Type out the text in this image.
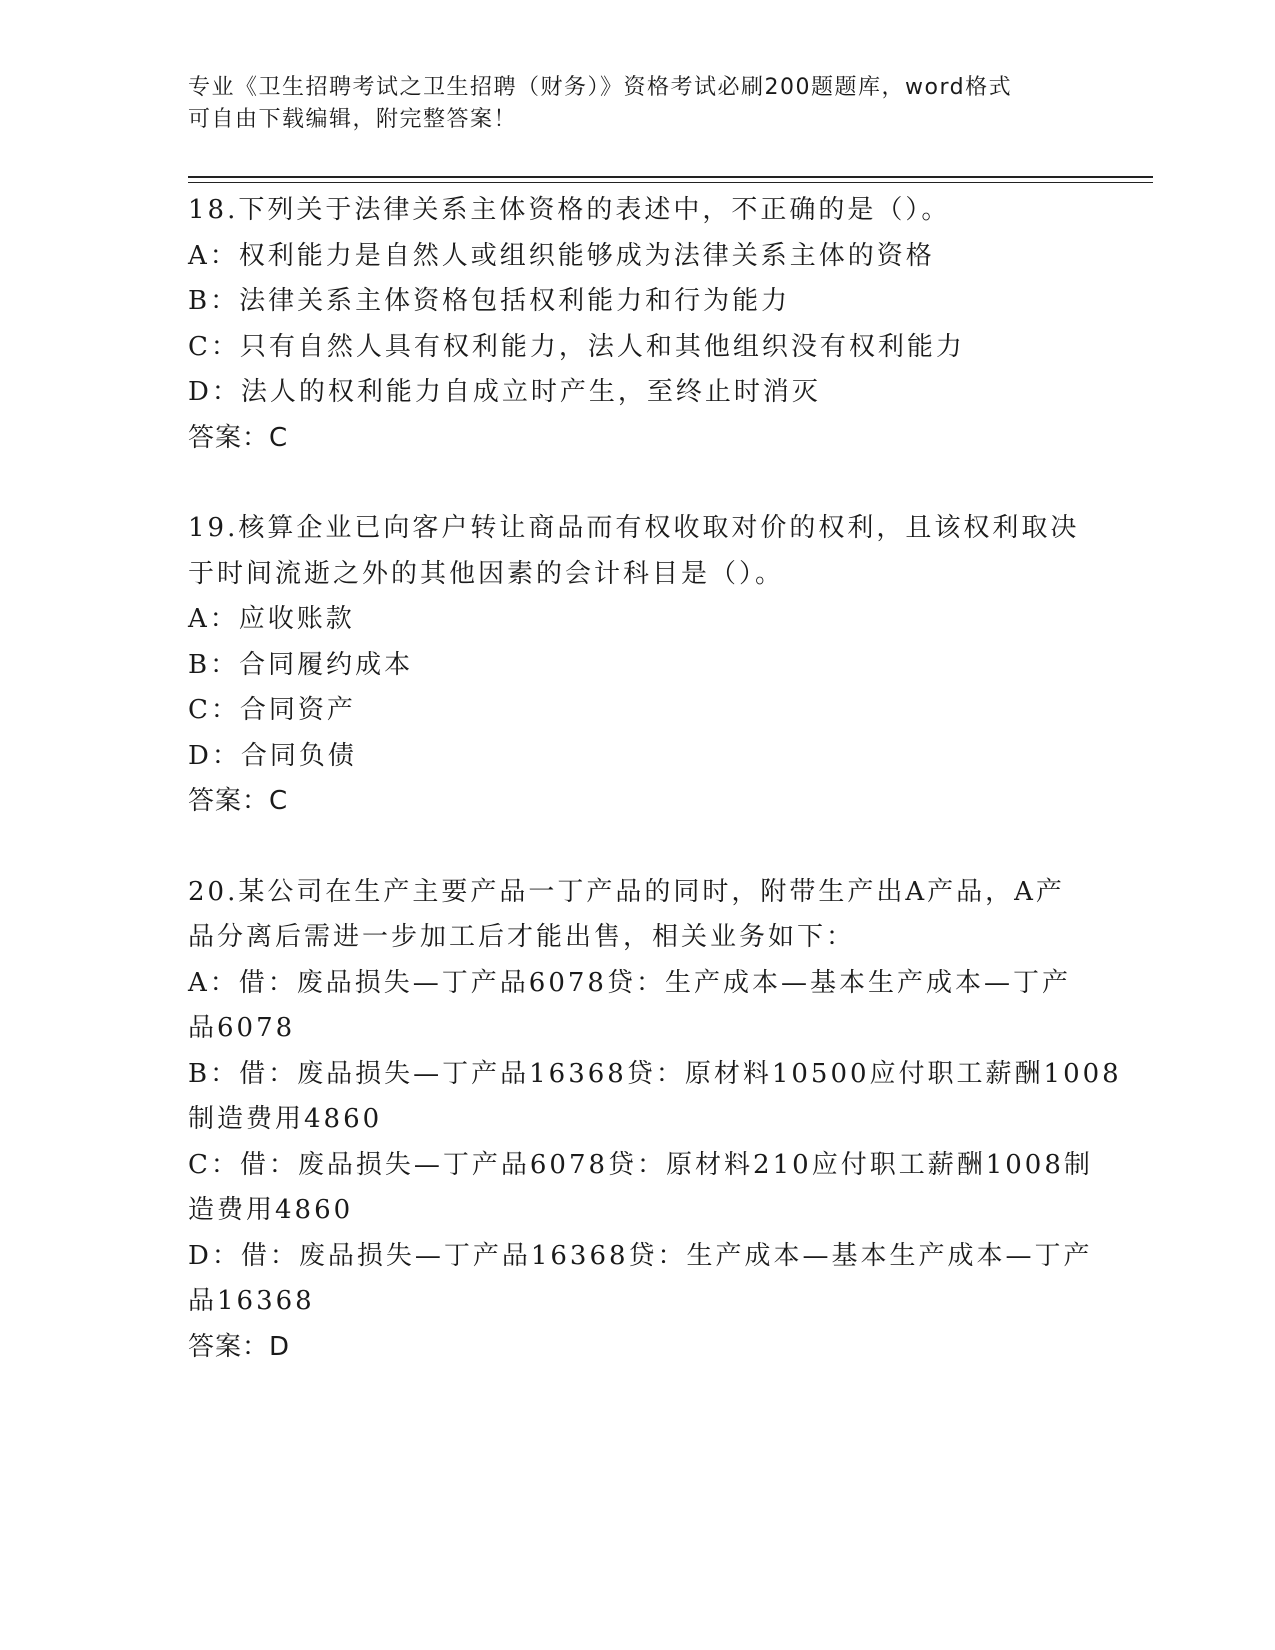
专业《卫生招聘考试之卫生招聘（财务）》资格考试必刷200题题库，word格式
可自由下载编辑，附完整答案！
18.下列关于法律关系主体资格的表述中，不正确的是（）。
A：权利能力是自然人或组织能够成为法律关系主体的资格
B：法律关系主体资格包括权利能力和行为能力
C：只有自然人具有权利能力，法人和其他组织没有权利能力
D：法人的权利能力自成立时产生，至终止时消灭
答案：C
19.核算企业已向客户转让商品而有权收取对价的权利，且该权利取决
于时间流逝之外的其他因素的会计科目是（）。
A：应收账款
B：合同履约成本
C：合同资产
D：合同负债
答案：C
20.某公司在生产主要产品一丁产品的同时，附带生产出A产品，A产
品分离后需进一步加工后才能出售，相关业务如下：
A：借：废品损失—丁产品6078贷：生产成本—基本生产成本—丁产
品6078
B：借：废品损失—丁产品16368贷：原材料10500应付职工薪酬1008
制造费用4860
C：借：废品损失—丁产品6078贷：原材料210应付职工薪酬1008制
造费用4860
D：借：废品损失—丁产品16368贷：生产成本—基本生产成本—丁产
品16368
答案：D
